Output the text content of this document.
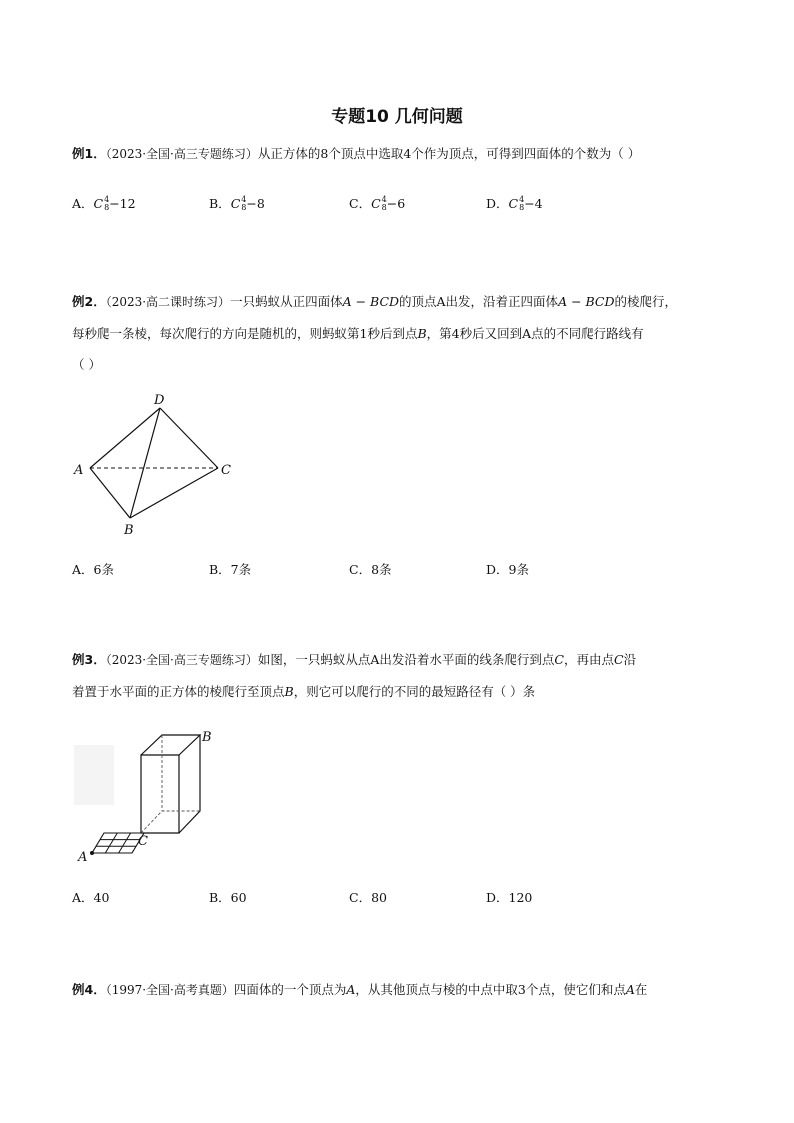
专题10 几何问题
例1．（2023·全国·高三专题练习）从正方体的8个顶点中选取4个作为顶点，可得到四面体的个数为（ ）
A． C 4
8 −12	B． C 4
8 −8	C． C 4
8 −6	D． C 4
8 −4
例2．（2023·高二课时练习）一只蚂蚁从正四面体A − BCD的顶点A出发，沿着正四面体A − BCD的棱爬行，
每秒爬一条棱，每次爬行的方向是随机的，则蚂蚁第1秒后到点B，第4秒后又回到A点的不同爬行路线有
（ ）
A
D
C
B
A．6条	B．7条	C．8条	D．9条
例3．（2023·全国·高三专题练习）如图，一只蚂蚁从点A出发沿着水平面的线条爬行到点C，再由点C沿
着置于水平面的正方体的棱爬行至顶点B，则它可以爬行的不同的最短路径有（ ）条
A
C
B
A．40	B．60	C．80	D．120
例4．（1997·全国·高考真题）四面体的一个顶点为A，从其他顶点与棱的中点中取3个点，使它们和点A在
